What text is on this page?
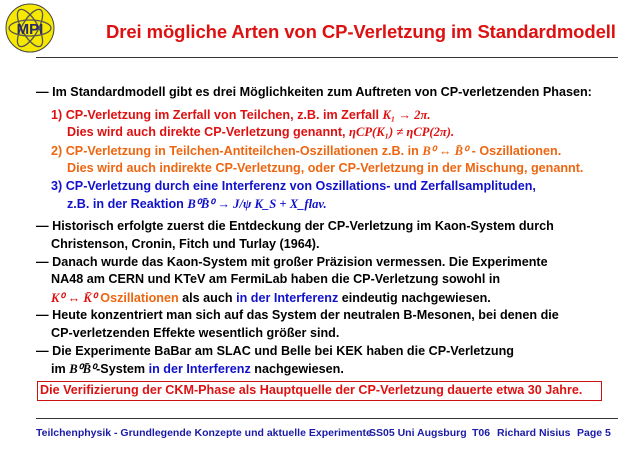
MPI	Drei mögliche Arten von CP-Verletzung im Standardmodell
— Im Standardmodell gibt es drei Möglichkeiten zum Auftreten von CP-verletzenden Phasen:
1) CP-Verletzung im Zerfall von Teilchen, z.B. im Zerfall K₁ → 2π.
Dies wird auch direkte CP-Verletzung genannt, ηCP(K₁) ≠ ηCP(2π).
2) CP-Verletzung in Teilchen-Antiteilchen-Oszillationen z.B. in B⁰ ↔ B̄⁰ - Oszillationen.
Dies wird auch indirekte CP-Verletzung, oder CP-Verletzung in der Mischung, genannt.
3) CP-Verletzung durch eine Interferenz von Oszillations- und Zerfallsamplituden,
z.B. in der Reaktion B⁰B̄⁰ → J/ψ K_S + X_flav.
— Historisch erfolgte zuerst die Entdeckung der CP-Verletzung im Kaon-System durch
Christenson, Cronin, Fitch und Turlay (1964).
— Danach wurde das Kaon-System mit großer Präzision vermessen. Die Experimente
NA48 am CERN und KTeV am FermiLab haben die CP-Verletzung sowohl in
K⁰ ↔ K̄⁰ Oszillationen als auch in der Interferenz eindeutig nachgewiesen.
— Heute konzentriert man sich auf das System der neutralen B-Mesonen, bei denen die
CP-verletzenden Effekte wesentlich größer sind.
— Die Experimente BaBar am SLAC und Belle bei KEK haben die CP-Verletzung
im B⁰B̄⁰-System in der Interferenz nachgewiesen.
Die Verifizierung der CKM-Phase als Hauptquelle der CP-Verletzung dauerte etwa 30 Jahre.
Teilchenphysik - Grundlegende Konzepte und aktuelle Experimente
SS05 Uni Augsburg T06 Richard Nisius Page 5
